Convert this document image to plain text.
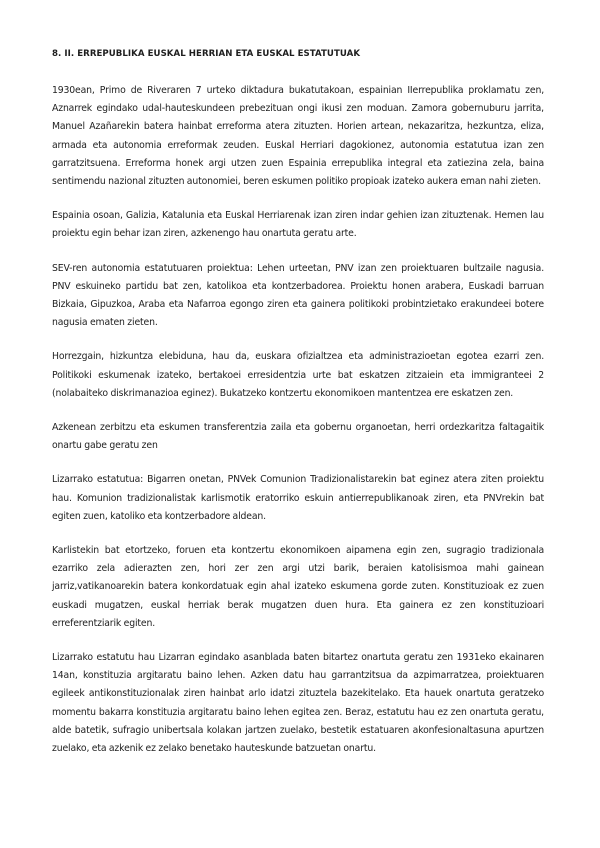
8. II. ERREPUBLIKA EUSKAL HERRIAN ETA EUSKAL ESTATUTUAK

1930ean, Primo de Riveraren 7 urteko diktadura bukatutakoan, espainian IIerrepublika proklamatu zen, Aznarrek egindako udal-hauteskundeen prebezituan ongi ikusi zen moduan. Zamora gobernuburu jarrita, Manuel Azañarekin batera hainbat erreforma atera zituzten. Horien artean, nekazaritza, hezkuntza, eliza, armada eta autonomia erreformak zeuden. Euskal Herriari dagokionez, autonomia estatutua izan zen garratzitsuena. Erreforma honek argi utzen zuen Espainia errepublika integral eta zatiezina zela, baina sentimendu nazional zituzten autonomiei, beren eskumen politiko propioak izateko aukera eman nahi zieten.

Espainia osoan, Galizia, Katalunia eta Euskal Herriarenak izan ziren indar gehien izan zituztenak. Hemen lau proiektu egin behar izan ziren, azkenengo hau onartuta geratu arte.

SEV-ren autonomia estatutuaren proiektua: Lehen urteetan, PNV izan zen proiektuaren bultzaile nagusia. PNV eskuineko partidu bat zen, katolikoa eta kontzerbadorea. Proiektu honen arabera, Euskadi barruan Bizkaia, Gipuzkoa, Araba eta Nafarroa egongo ziren eta gainera politikoki probintzietako erakundeei botere nagusia ematen zieten.

Horrezgain, hizkuntza elebiduna, hau da, euskara ofizialtzea eta administrazioetan egotea ezarri zen. Politikoki eskumenak izateko, bertakoei erresidentzia urte bat eskatzen zitzaiein eta immigranteei 2 (nolabaiteko diskrimanazioa eginez). Bukatzeko kontzertu ekonomikoen mantentzea ere eskatzen zen.

Azkenean zerbitzu eta eskumen transferentzia zaila eta gobernu organoetan, herri ordezkaritza faltagaitik onartu gabe geratu zen

Lizarrako estatutua: Bigarren onetan, PNVek Comunion Tradizionalistarekin bat eginez atera ziten proiektu hau. Komunion tradizionalistak karlismotik eratorriko eskuin antierrepublikanoak ziren, eta PNVrekin bat egiten zuen, katoliko eta kontzerbadore aldean.

Karlistekin bat etortzeko, foruen eta kontzertu ekonomikoen aipamena egin zen, sugragio tradizionala ezarriko zela adierazten zen, hori zer zen argi utzi barik, beraien katolisismoa mahi gainean jarriz,vatikanoarekin batera konkordatuak egin ahal izateko eskumena gorde zuten. Konstituzioak ez zuen euskadi mugatzen, euskal herriak berak mugatzen duen hura. Eta gainera ez zen konstituzioari erreferentziarik egiten.

Lizarrako estatutu hau Lizarran egindako asanblada baten bitartez onartuta geratu zen 1931eko ekainaren 14an, konstituzia argitaratu baino lehen. Azken datu hau garrantzitsua da azpimarratzea, proiektuaren egileek antikonstituzionalak ziren hainbat arlo idatzi zituztela bazekitelako. Eta hauek onartuta geratzeko momentu bakarra konstituzia argitaratu baino lehen egitea zen. Beraz, estatutu hau ez zen onartuta geratu, alde batetik, sufragio unibertsala kolakan jartzen zuelako, bestetik estatuaren akonfesionaltasuna apurtzen zuelako, eta azkenik ez zelako benetako hauteskunde batzuetan onartu.
